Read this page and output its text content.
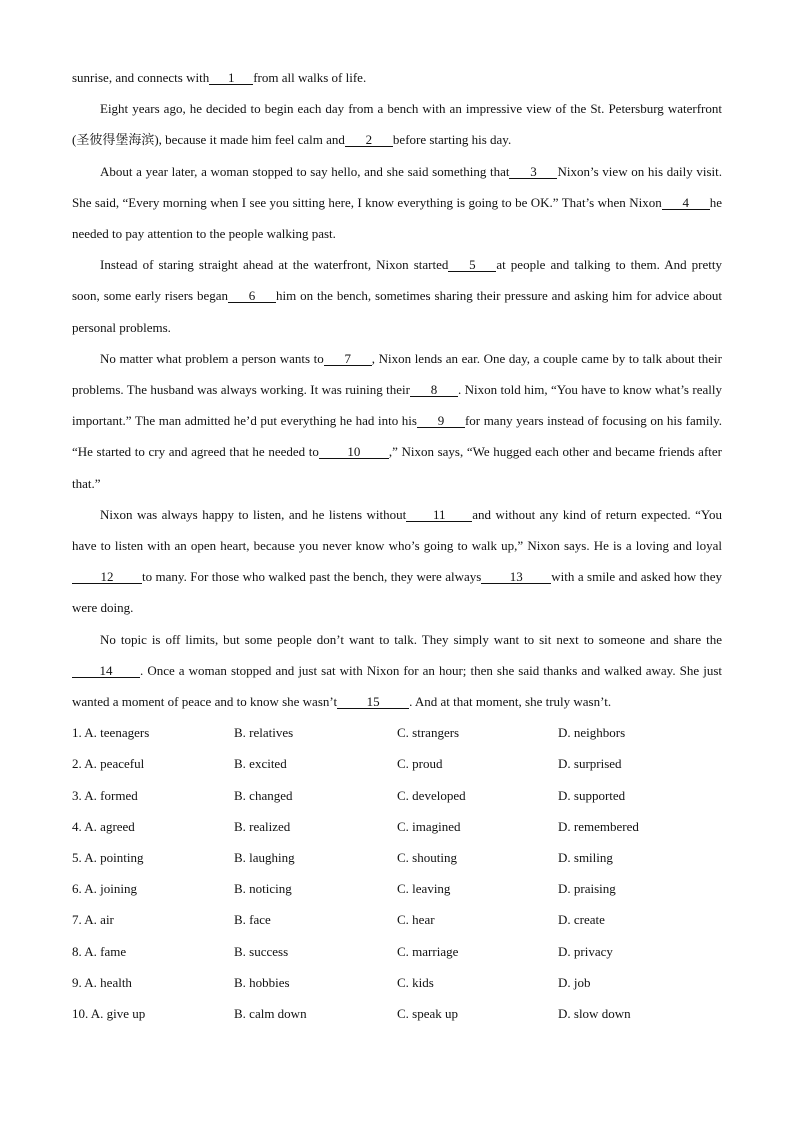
sunrise, and connects with 1 from all walks of life.

Eight years ago, he decided to begin each day from a bench with an impressive view of the St. Petersburg waterfront (圣彼得堡海滨), because it made him feel calm and 2 before starting his day.

About a year later, a woman stopped to say hello, and she said something that 3 Nixon’s view on his daily visit. She said, “Every morning when I see you sitting here, I know everything is going to be OK.” That’s when Nixon 4 he needed to pay attention to the people walking past.

Instead of staring straight ahead at the waterfront, Nixon started 5 at people and talking to them. And pretty soon, some early risers began 6 him on the bench, sometimes sharing their pressure and asking him for advice about personal problems.

No matter what problem a person wants to 7 , Nixon lends an ear. One day, a couple came by to talk about their problems. The husband was always working. It was ruining their 8 . Nixon told him, “You have to know what’s really important.” The man admitted he’d put everything he had into his 9 for many years instead of focusing on his family. “He started to cry and agreed that he needed to 10 ,” Nixon says, “We hugged each other and became friends after that.”

Nixon was always happy to listen, and he listens without 11 and without any kind of return expected. “You have to listen with an open heart, because you never know who’s going to walk up,” Nixon says. He is a loving and loyal12 to many. For those who walked past the bench, they were always 13 with a smile and asked how they were doing.

No topic is off limits, but some people don’t want to talk. They simply want to sit next to someone and share the14 . Once a woman stopped and just sat with Nixon for an hour; then she said thanks and walked away. She just wanted a moment of peace and to know she wasn’t 15 . And at that moment, she truly wasn’t.

1. A. teenagers	B. relatives	C. strangers	D. neighbors
2. A. peaceful	B. excited	C. proud	D. surprised
3. A. formed	B. changed	C. developed	D. supported
4. A. agreed	B. realized	C. imagined	D. remembered
5. A. pointing	B. laughing	C. shouting	D. smiling
6. A. joining	B. noticing	C. leaving	D. praising
7. A. air	B. face	C. hear	D. create
8. A. fame	B. success	C. marriage	D. privacy
9. A. health	B. hobbies	C. kids	D. job
10. A. give up	B. calm down	C. speak up	D. slow down
